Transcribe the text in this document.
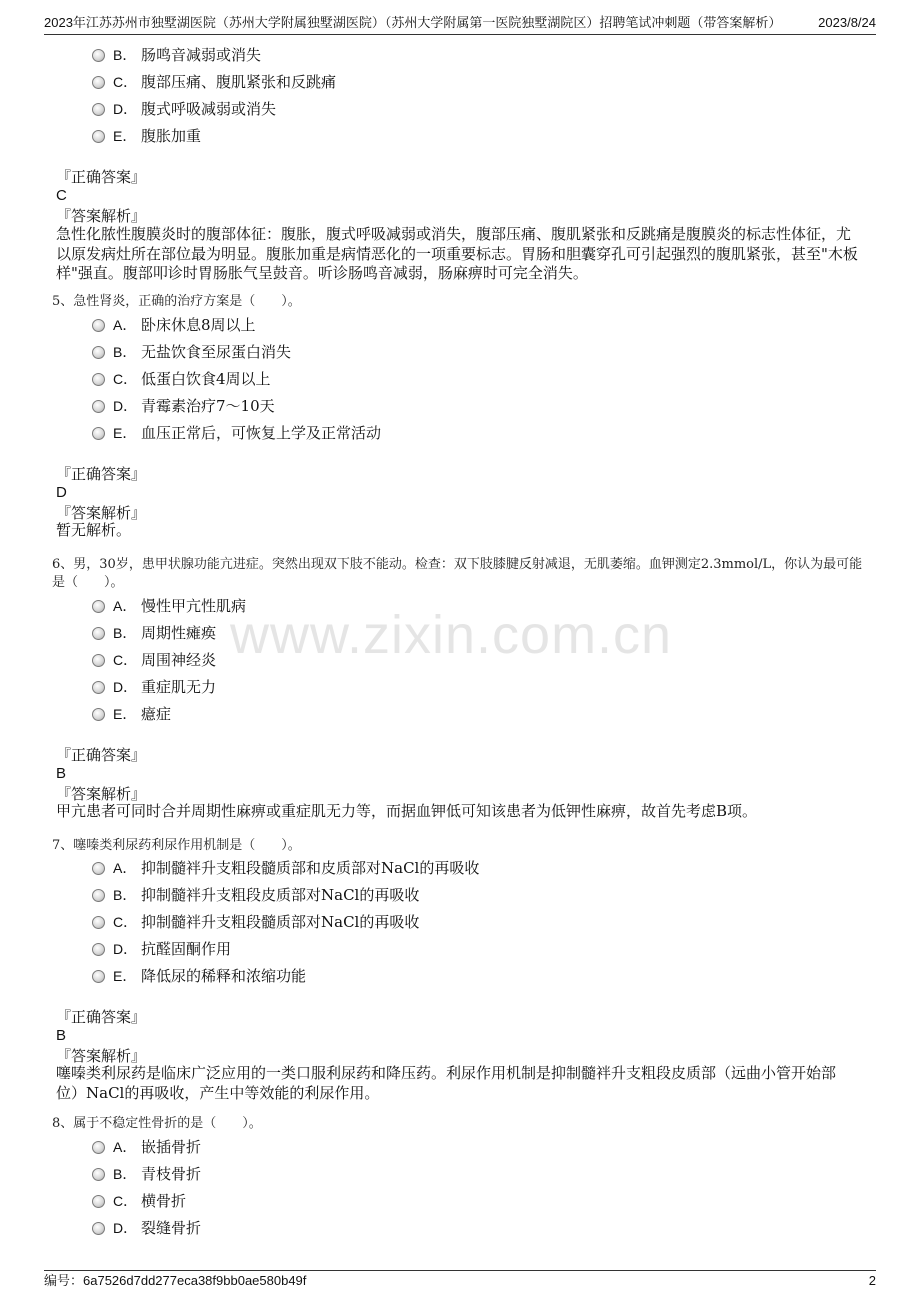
2023年江苏苏州市独墅湖医院（苏州大学附属独墅湖医院）（苏州大学附属第一医院独墅湖院区）招聘笔试冲刺题（带答案解析）	2023/8/24
B． 肠鸣音减弱或消失
C． 腹部压痛、腹肌紧张和反跳痛
D． 腹式呼吸减弱或消失
E． 腹胀加重
『正确答案』
C
『答案解析』
急性化脓性腹膜炎时的腹部体征：腹胀，腹式呼吸减弱或消失，腹部压痛、腹肌紧张和反跳痛是腹膜炎的标志性体征，尤以原发病灶所在部位最为明显。腹胀加重是病情恶化的一项重要标志。胃肠和胆囊穿孔可引起强烈的腹肌紧张，甚至"木板样"强直。腹部叩诊时胃肠胀气呈鼓音。听诊肠鸣音减弱，肠麻痹时可完全消失。
5、急性肾炎，正确的治疗方案是（　　）。
A． 卧床休息8周以上
B． 无盐饮食至尿蛋白消失
C． 低蛋白饮食4周以上
D． 青霉素治疗7～10天
E． 血压正常后，可恢复上学及正常活动
『正确答案』
D
『答案解析』
暂无解析。
6、男，30岁，患甲状腺功能亢进症。突然出现双下肢不能动。检查：双下肢膝腱反射减退，无肌萎缩。血钾测定2.3mmol/L，你认为最可能是（　　）。
A． 慢性甲亢性肌病
B． 周期性瘫痪
C． 周围神经炎
D． 重症肌无力
E． 癔症
www.zixin.com.cn
『正确答案』
B
『答案解析』
甲亢患者可同时合并周期性麻痹或重症肌无力等，而据血钾低可知该患者为低钾性麻痹，故首先考虑B项。
7、噻嗪类利尿药利尿作用机制是（　　）。
A． 抑制髓袢升支粗段髓质部和皮质部对NaCl的再吸收
B． 抑制髓袢升支粗段皮质部对NaCl的再吸收
C． 抑制髓袢升支粗段髓质部对NaCl的再吸收
D． 抗醛固酮作用
E． 降低尿的稀释和浓缩功能
『正确答案』
B
『答案解析』
噻嗪类利尿药是临床广泛应用的一类口服利尿药和降压药。利尿作用机制是抑制髓袢升支粗段皮质部（远曲小管开始部位）NaCl的再吸收，产生中等效能的利尿作用。
8、属于不稳定性骨折的是（　　）。
A． 嵌插骨折
B． 青枝骨折
C． 横骨折
D． 裂缝骨折
编号：6a7526d7dd277eca38f9bb0ae580b49f	2
